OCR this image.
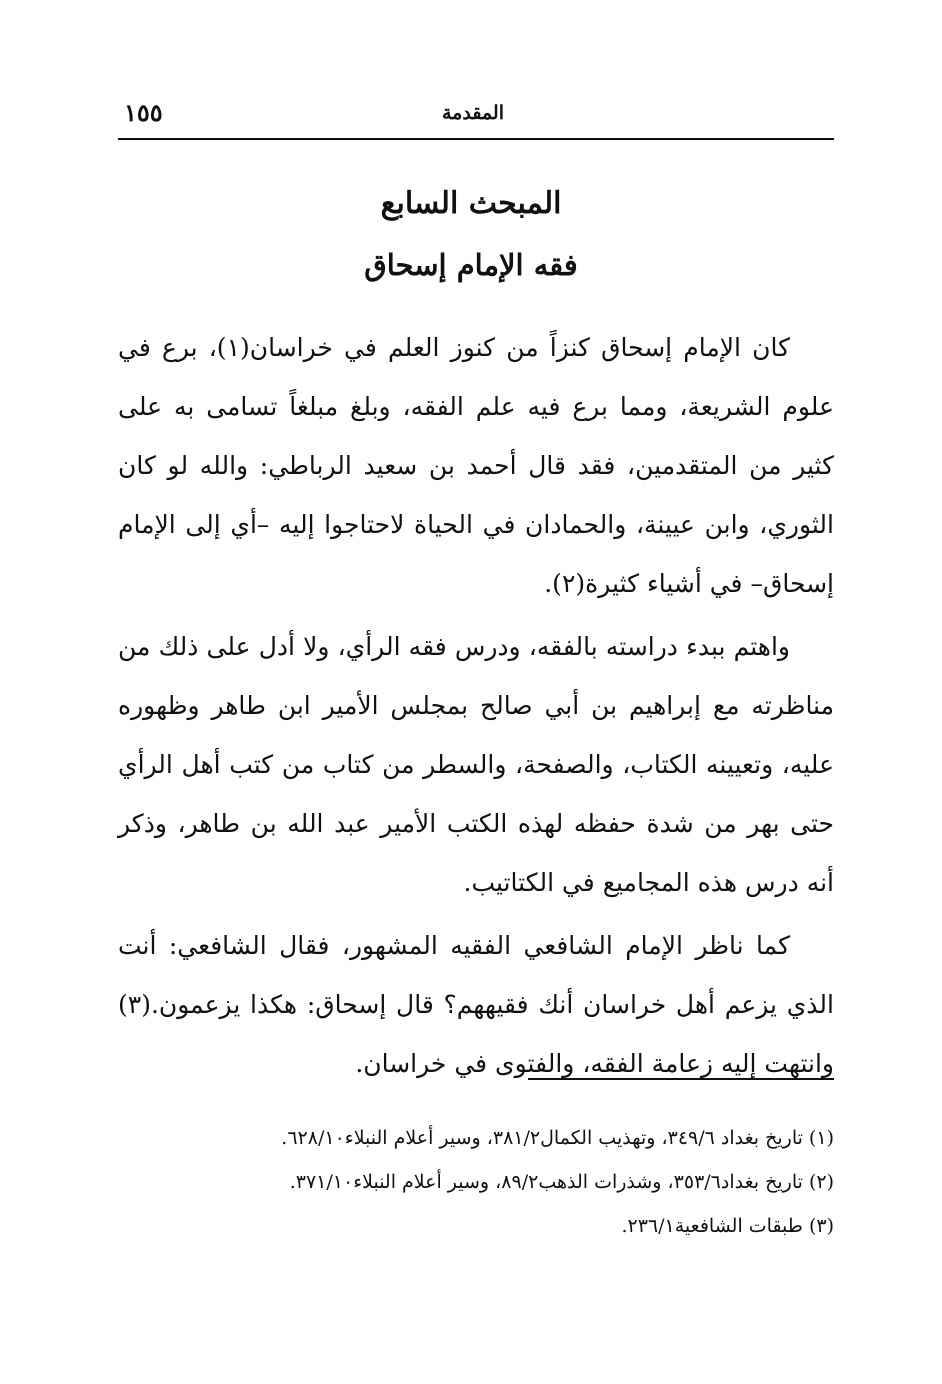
المقدمة
١٥٥
المبحث السابع
فقه الإمام إسحاق

كان الإمام إسحاق كنزاً من كنوز العلم في خراسان(١)، برع في علوم الشريعة، ومما برع فيه علم الفقه، وبلغ مبلغاً تسامى به على كثير من المتقدمين، فقد قال أحمد بن سعيد الرباطي: والله لو كان الثوري، وابن عيينة، والحمادان في الحياة لاحتاجوا إليه –أي إلى الإمام إسحاق– في أشياء كثيرة(٢).

واهتم ببدء دراسته بالفقه، ودرس فقه الرأي، ولا أدل على ذلك من مناظرته مع إبراهيم بن أبي صالح بمجلس الأمير ابن طاهر وظهوره عليه، وتعيينه الكتاب، والصفحة، والسطر من كتاب من كتب أهل الرأي حتى بهر من شدة حفظه لهذه الكتب الأمير عبد الله بن طاهر، وذكر أنه درس هذه المجاميع في الكتاتيب.

كما ناظر الإمام الشافعي الفقيه المشهور، فقال الشافعي: أنت الذي يزعم أهل خراسان أنك فقيههم؟ قال إسحاق: هكذا يزعمون.(٣) وانتهت إليه زعامة الفقه، والفتوى في خراسان.

(١) تاريخ بغداد ٣٤٩/٦، وتهذيب الكمال٣٨١/٢، وسير أعلام النبلاء٦٢٨/١٠.

(٢) تاريخ بغداد٣٥٣/٦، وشذرات الذهب٨٩/٢، وسير أعلام النبلاء٣٧١/١٠.

(٣) طبقات الشافعية٢٣٦/١.
